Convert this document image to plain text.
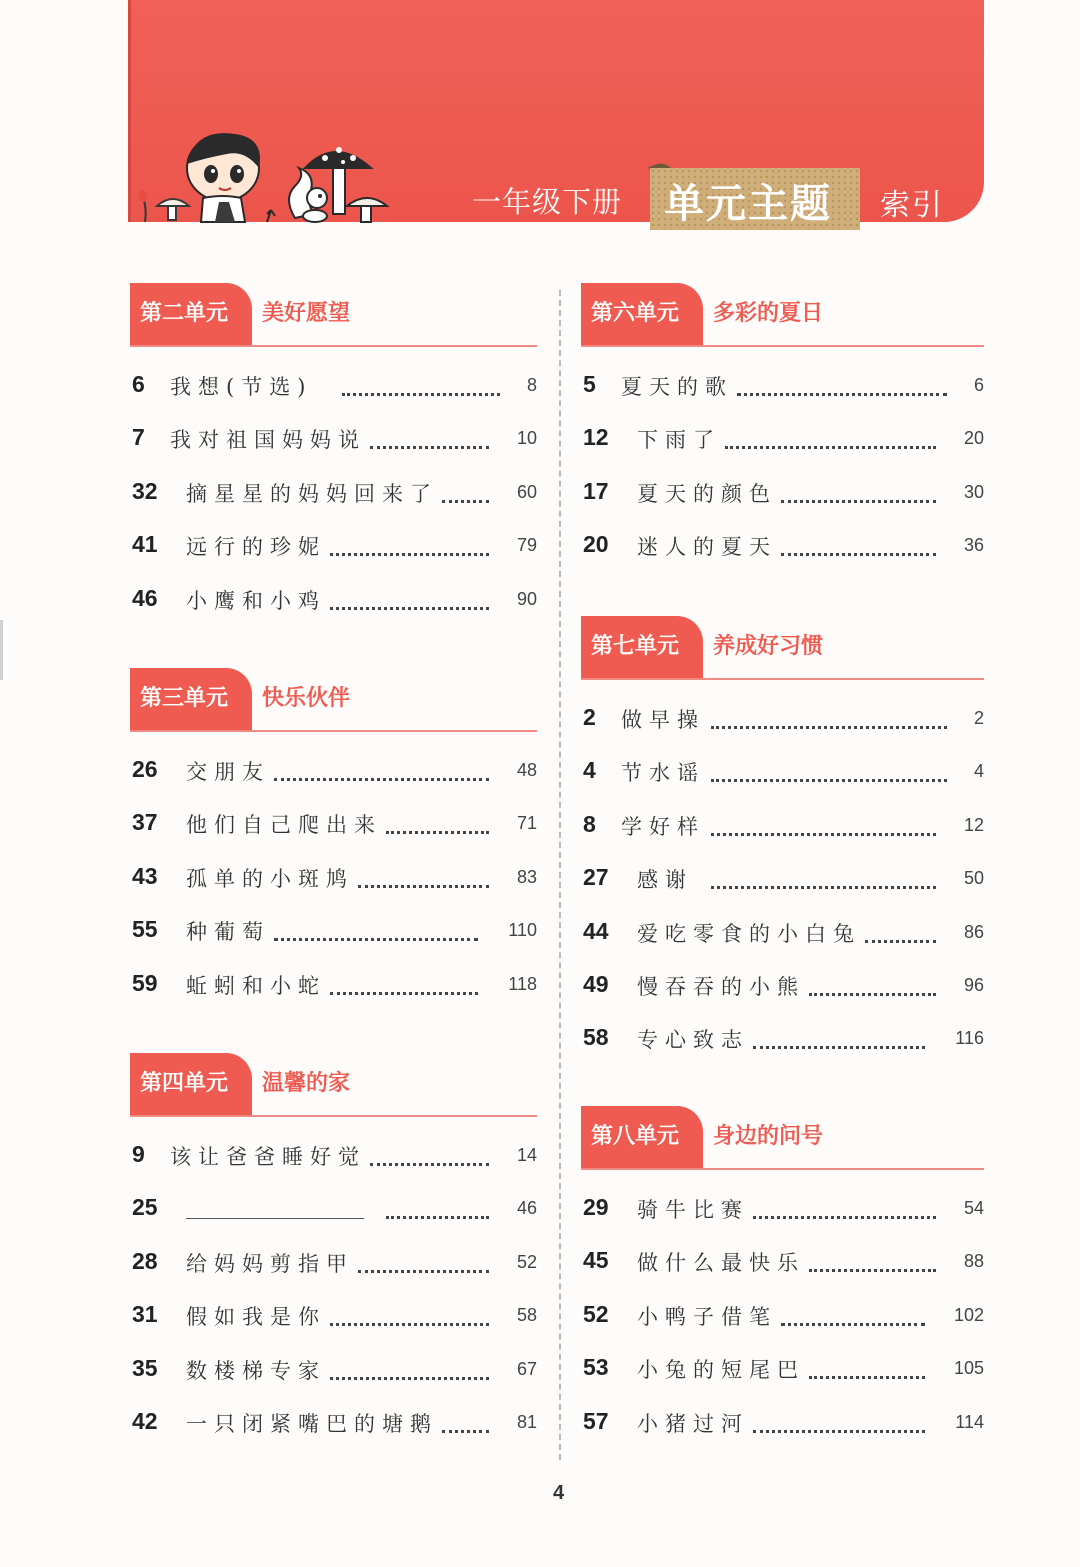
一年级下册 单元主题 索引
第二单元	美好愿望
6 我想(节选)	8
7 我对祖国妈妈说	10
32 摘星星的妈妈回来了	60
41 远行的珍妮	79
46 小鹰和小鸡	90
第三单元	快乐伙伴
26 交朋友	48
37 他们自己爬出来	71
43 孤单的小斑鸠	83
55 种葡萄	110
59 蚯蚓和小蛇	118
第四单元	温馨的家
9 该让爸爸睡好觉	14
25	46
28 给妈妈剪指甲	52
31 假如我是你	58
35 数楼梯专家	67
42 一只闭紧嘴巴的塘鹅	81
第六单元	多彩的夏日
5 夏天的歌	6
12 下雨了	20
17 夏天的颜色	30
20 迷人的夏天	36
第七单元	养成好习惯
2 做早操	2
4 节水谣	4
8 学好样	12
27 感谢	50
44 爱吃零食的小白兔	86
49 慢吞吞的小熊	96
58 专心致志	116
第八单元	身边的问号
29 骑牛比赛	54
45 做什么最快乐	88
52 小鸭子借笔	102
53 小兔的短尾巴	105
57 小猪过河	114
4
